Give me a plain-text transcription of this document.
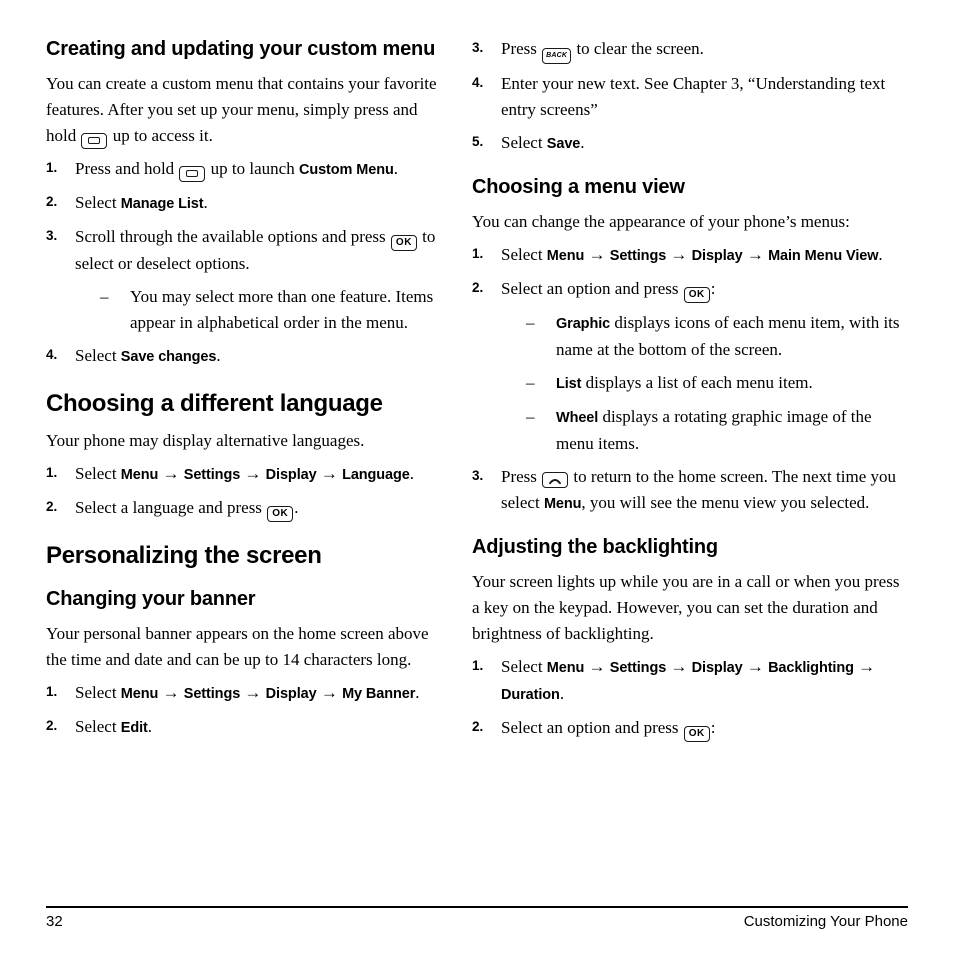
Creating and updating your custom menu

You can create a custom menu that contains your favorite features. After you set up your menu, simply press and hold
up to access it.

1.	Press and hold
up to launch Custom Menu.
2.	Select Manage List.
3.	Scroll through the available options and press OK to select or deselect options.
–	You may select more than one feature. Items appear in alphabetical order in the menu.
4.	Select Save changes.
Choosing a different language

Your phone may display alternative languages.

1.	Select Menu → Settings → Display → Language.
2.	Select a language and press OK .
Personalizing the screen
Changing your banner

Your personal banner appears on the home screen above the time and date and can be up to 14 characters long.

1.	Select Menu → Settings → Display → My Banner.
2.	Select Edit.
3.	Press BACK to clear the screen.
4.	Enter your new text. See Chapter 3, “Understanding text entry screens”
5.	Select Save.
Choosing a menu view

You can change the appearance of your phone’s menus:

1.	Select Menu → Settings → Display → Main Menu View.
2.	Select an option and press OK :
–	Graphic displays icons of each menu item, with its name at the bottom of the screen.
–	List displays a list of each menu item.
–	Wheel displays a rotating graphic image of the menu items.
3.	Press
to return to the home screen. The next time you select Menu, you will see the menu view you selected.
Adjusting the backlighting

Your screen lights up while you are in a call or when you press a key on the keypad. However, you can set the duration and brightness of backlighting.

1.	Select Menu → Settings → Display → Backlighting → Duration.
2.	Select an option and press OK :
32	Customizing Your Phone
